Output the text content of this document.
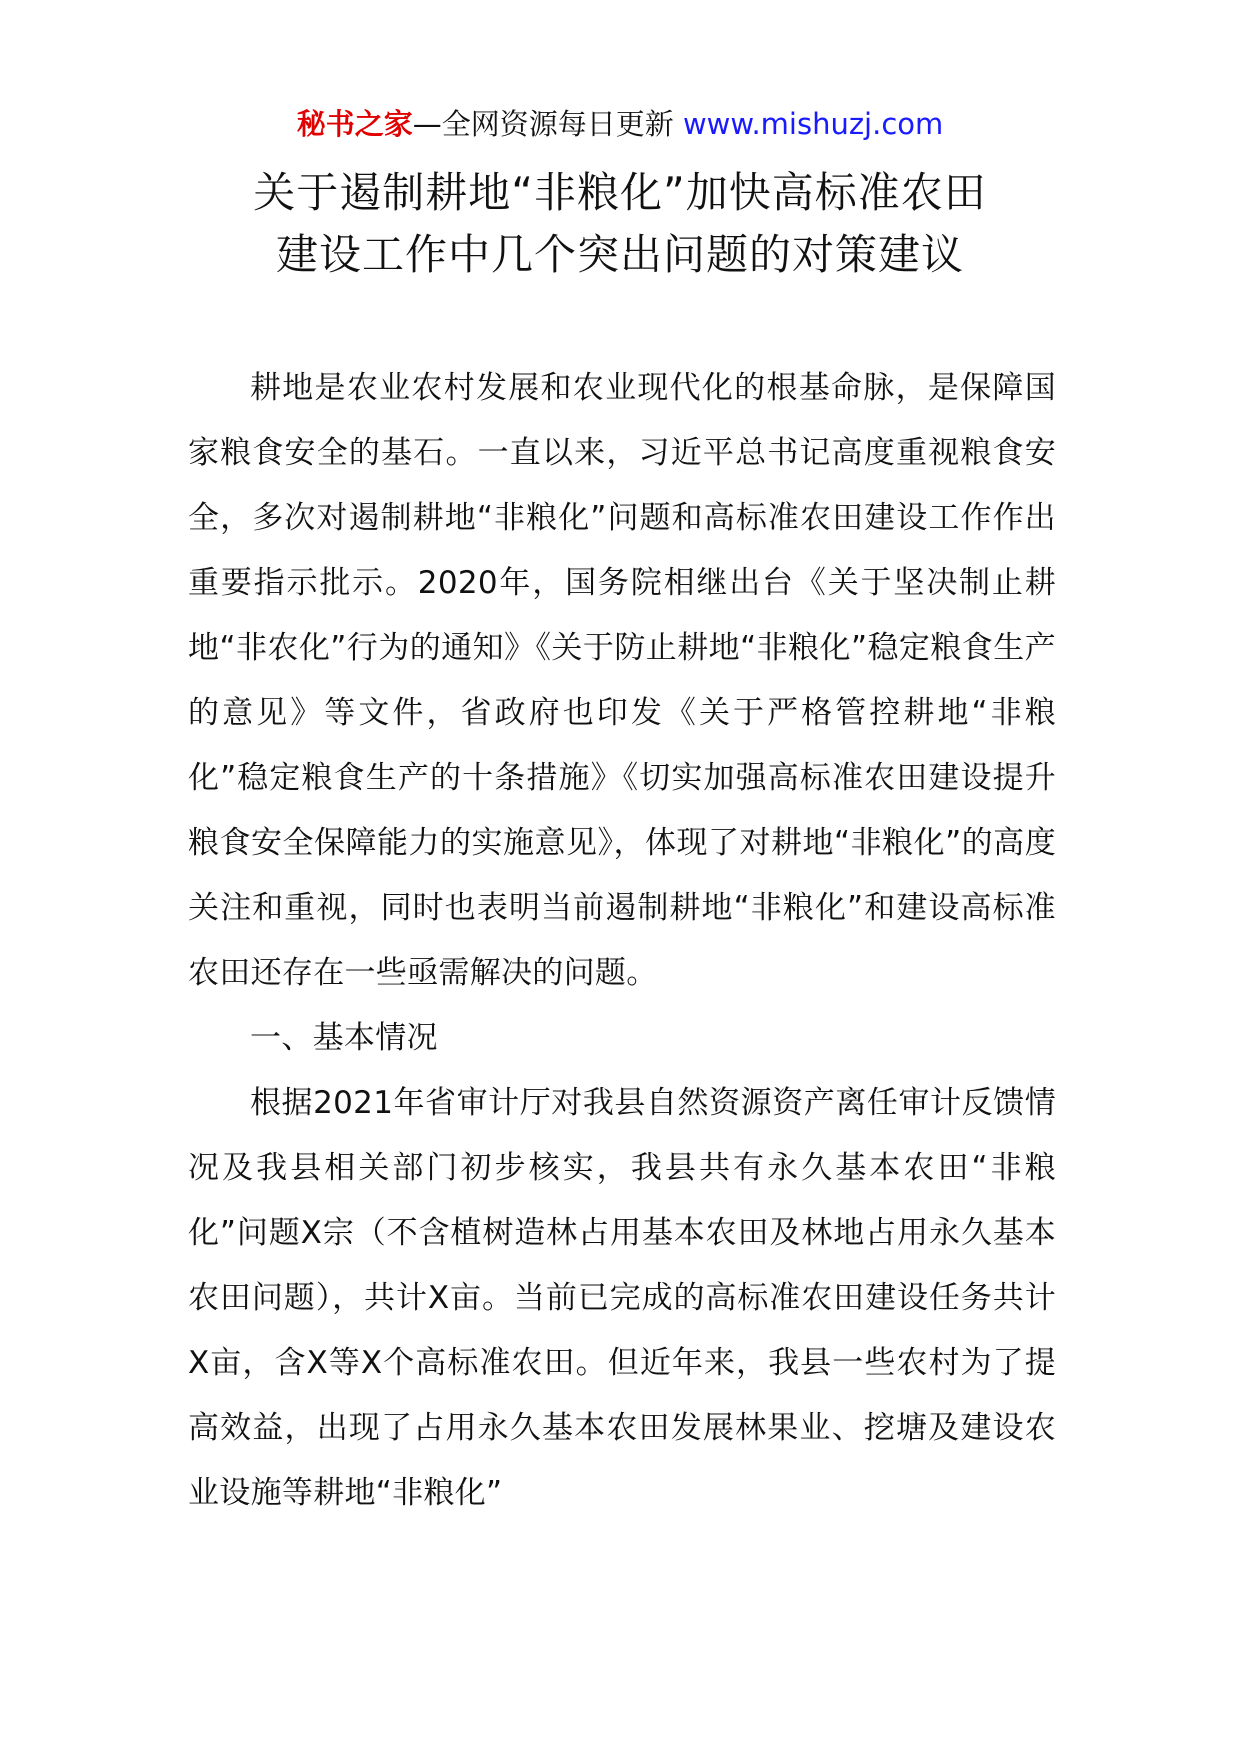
秘书之家—全网资源每日更新 www.mishuzj.com
关于遏制耕地“非粮化”加快高标准农田
建设工作中几个突出问题的对策建议

耕地是农业农村发展和农业现代化的根基命脉，是保障国家粮食安全的基石。一直以来，习近平总书记高度重视粮食安全，多次对遏制耕地“非粮化”问题和高标准农田建设工作作出重要指示批示。2020年，国务院相继出台《关于坚决制止耕地“非农化”行为的通知》《关于防止耕地“非粮化”稳定粮食生产的意见》等文件，省政府也印发《关于严格管控耕地“非粮化”稳定粮食生产的十条措施》《切实加强高标准农田建设提升粮食安全保障能力的实施意见》，体现了对耕地“非粮化”的高度关注和重视，同时也表明当前遏制耕地“非粮化”和建设高标准农田还存在一些亟需解决的问题。

一、基本情况

根据2021年省审计厅对我县自然资源资产离任审计反馈情况及我县相关部门初步核实，我县共有永久基本农田“非粮化”问题X宗（不含植树造林占用基本农田及林地占用永久基本农田问题），共计X亩。当前已完成的高标准农田建设任务共计X亩，含X等X个高标准农田。但近年来，我县一些农村为了提高效益，出现了占用永久基本农田发展林果业、挖塘及建设农业设施等耕地“非粮化”
